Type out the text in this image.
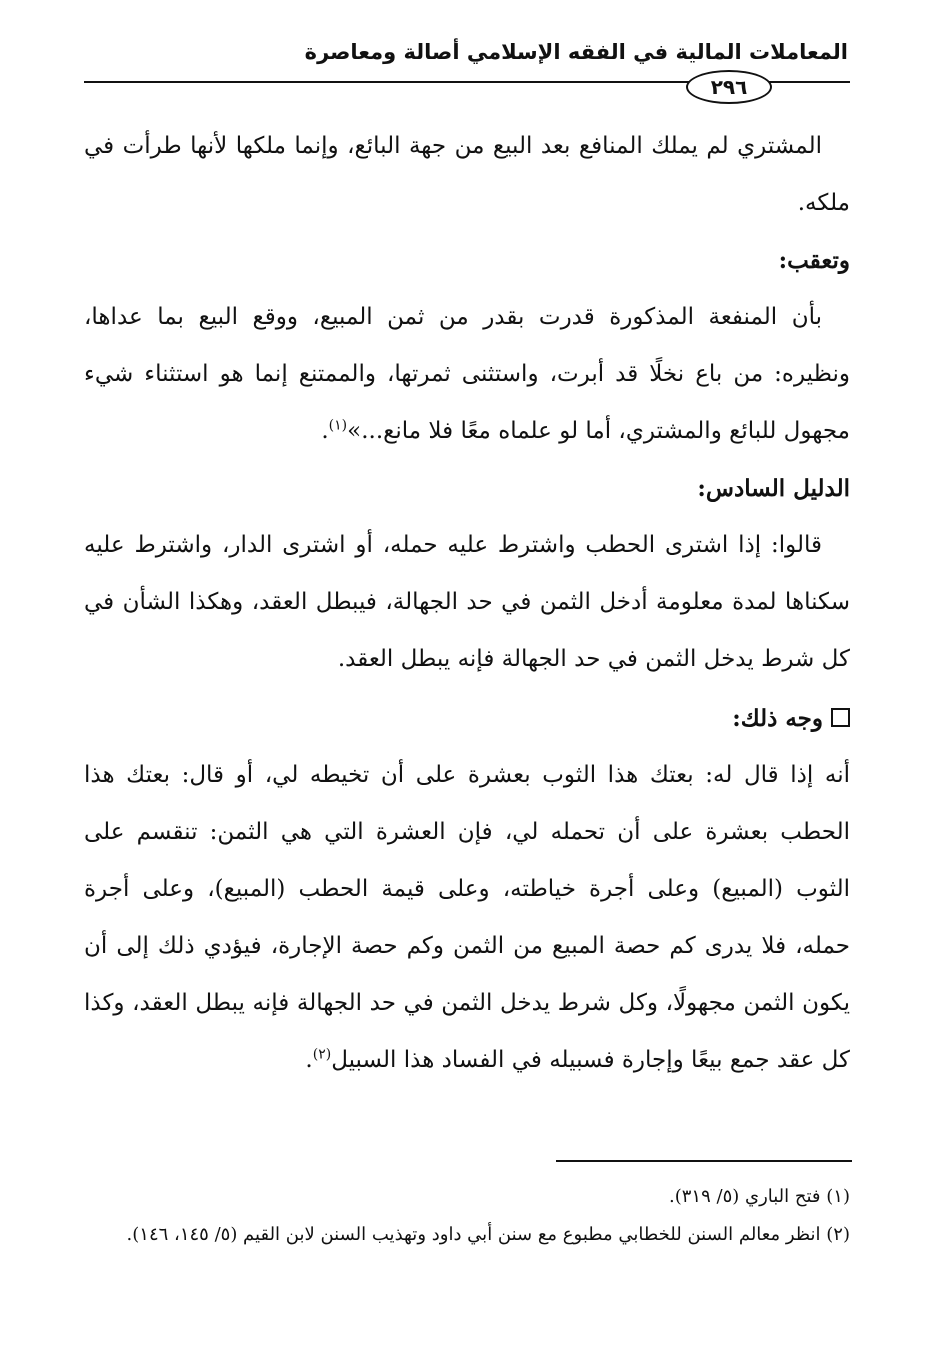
المعاملات المالية في الفقه الإسلامي أصالة ومعاصرة
٢٩٦

المشتري لم يملك المنافع بعد البيع من جهة البائع، وإنما ملكها لأنها طرأت في ملكه.

وتعقب:

بأن المنفعة المذكورة قدرت بقدر من ثمن المبيع، ووقع البيع بما عداها، ونظيره: من باع نخلًا قد أبرت، واستثنى ثمرتها، والممتنع إنما هو استثناء شيء مجهول للبائع والمشتري، أما لو علماه معًا فلا مانع...»$^{(١)}$.

الدليل السادس:

قالوا: إذا اشترى الحطب واشترط عليه حمله، أو اشترى الدار، واشترط عليه سكناها لمدة معلومة أدخل الثمن في حد الجهالة، فيبطل العقد، وهكذا الشأن في كل شرط يدخل الثمن في حد الجهالة فإنه يبطل العقد.

وجه ذلك:

أنه إذا قال له: بعتك هذا الثوب بعشرة على أن تخيطه لي، أو قال: بعتك هذا الحطب بعشرة على أن تحمله لي، فإن العشرة التي هي الثمن: تنقسم على الثوب (المبيع) وعلى أجرة خياطته، وعلى قيمة الحطب (المبيع)، وعلى أجرة حمله، فلا يدرى كم حصة المبيع من الثمن وكم حصة الإجارة، فيؤدي ذلك إلى أن يكون الثمن مجهولًا، وكل شرط يدخل الثمن في حد الجهالة فإنه يبطل العقد، وكذا كل عقد جمع بيعًا وإجارة فسبيله في الفساد هذا السبيل$^{(٢)}$.

(١) فتح الباري (٥/ ٣١٩).

(٢) انظر معالم السنن للخطابي مطبوع مع سنن أبي داود وتهذيب السنن لابن القيم (٥/ ١٤٥، ١٤٦).
